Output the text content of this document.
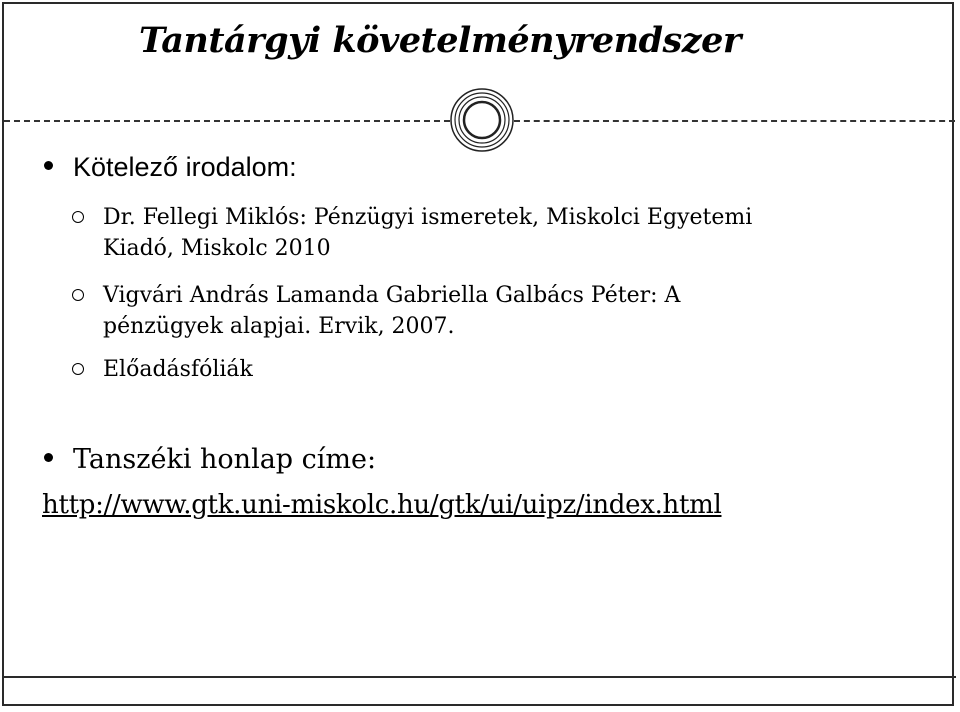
Tantárgyi követelményrendszer
Kötelező irodalom:
Dr. Fellegi Miklós: Pénzügyi ismeretek, Miskolci Egyetemi
Kiadó, Miskolc 2010
Vigvári András Lamanda Gabriella Galbács Péter: A
pénzügyek alapjai. Ervik, 2007.
Előadásfóliák
Tanszéki honlap címe:
http://www.gtk.uni-miskolc.hu/gtk/ui/uipz/index.html
